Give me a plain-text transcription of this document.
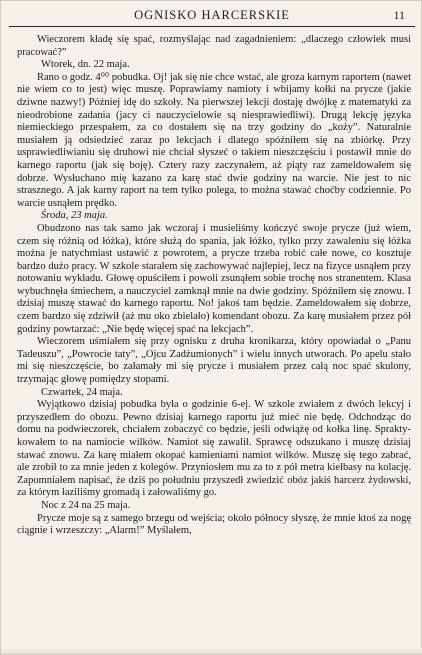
OGNISKO HARCERSKIE	11

Wieczorem kładę się spać, rozmyślając nad zagadnieniem: „dlaczego człowiek musi pracować?”

Wtorek, dn. 22 maja.

Rano o godz. 4⁰⁰ pobudka. Oj! jak się nie chce wstać, ale groza karnym raportem (nawet nie wiem co to jest) więc muszę. Poprawiamy namioty i wbijamy kołki na prycze (jakie dziwne nazwy!) Później idę do szkoły. Na pierwszej lekcji dostaję dwójkę z matematyki za nieodrobione zadania (jacy ci nauczycielowie są niesprawiedliwi). Drugą lekcję języka niemieckiego przespałem, za co dostałem się na trzy godziny do „koży”. Naturalnie musiałem ją odsiedzieć zaraz po lekcjach i dlatego spóźniłem się na zbiórkę. Przy usprawiedliwianiu się druhowi nie chciał słyszeć o takiem nieszczęściu i postawił mnie do karnego raportu (jak się boję). Cztery razy zaczynałem, aż piąty raz zameldowałem się dobrze. Wysłuchano mię kazano za karę stać dwie godziny na warcie. Nie jest to nic strasznego. A jak karny raport na tem tylko polega, to można stawać choćby codziennie. Po warcie usnąłem prędko.

Środa, 23 maja.

Obudzono nas tak samo jak wczoraj i musieliśmy kończyć swoje prycze (już wiem, czem się różnią od łóżka), które służą do spania, jak łóżko, tylko przy zawaleniu się łóżka można je natychmiast ustawić z powrotem, a prycze trzeba robić całe nowe, co kosztuje bardzo dużo pracy. W szkole starałem się zachowywać najlepiej, lecz na fizyce usnąłem przy notowaniu wykładu. Głowę opuściłem i powoli zsunąłem sobie trochę nos stranentem. Klasa wybuchnęła śmiechem, a nauczyciel zamknął mnie na dwie godziny. Spóźniłem się znowu. I dzisiaj muszę stawać do karnego raportu. No! jakoś tam będzie. Zameldowałem się dobrze, czem bardzo się zdziwił (aż mu oko zbielało) komendant obozu. Za karę musiałem przez pół godziny powtarzać: „Nie będę więcej spać na lekcjach”.

Wieczorem uśmiałem się przy ognisku z druha kronikarza, który opowiadał o „Panu Tadeuszu”, „Powrocie taty”, „Ojcu Zadżumionych” i wielu innych utworach. Po apelu stało mi się nieszczęście, bo załamały mi się prycze i musiałem przez całą noc spać skulony, trzymając głowę pomiędzy stopami.

Czwartek, 24 maja.

Wyjątkowo dzisiaj pobudka była o godzinie 6-ej. W szkole zwiałem z dwóch lekcyj i przyszedłem do obozu. Pewno dzisiaj karnego raportu już mieć nie będę. Odchodząc do domu na podwieczorek, chciałem zobaczyć co będzie, jeśli odwiążę od kołka linę. Spraktykowałem to na namiocie wilków. Namiot się zawalił. Sprawcę odszukano i muszę dzisiaj stawać znowu. Za karę miałem okopać kamieniami namiot wilków. Muszę się tego zabrać, ale zrobił to za mnie jeden z kolegów. Przyniosłem mu za to z pół metra kiełbasy na kolację. Zapomniałem napisać, że dziś po południu przyszedł zwiedzić obóz jakiś harcerz żydowski, za którym łaziliśmy gromadą i załowaliśmy go.

Noc z 24 na 25 maja.

Prycze moje są z samego brzegu od wejścia; około północy słyszę, że mnie ktoś za nogę ciągnie i wrzeszczy: „Alarm!” Myślałem,
